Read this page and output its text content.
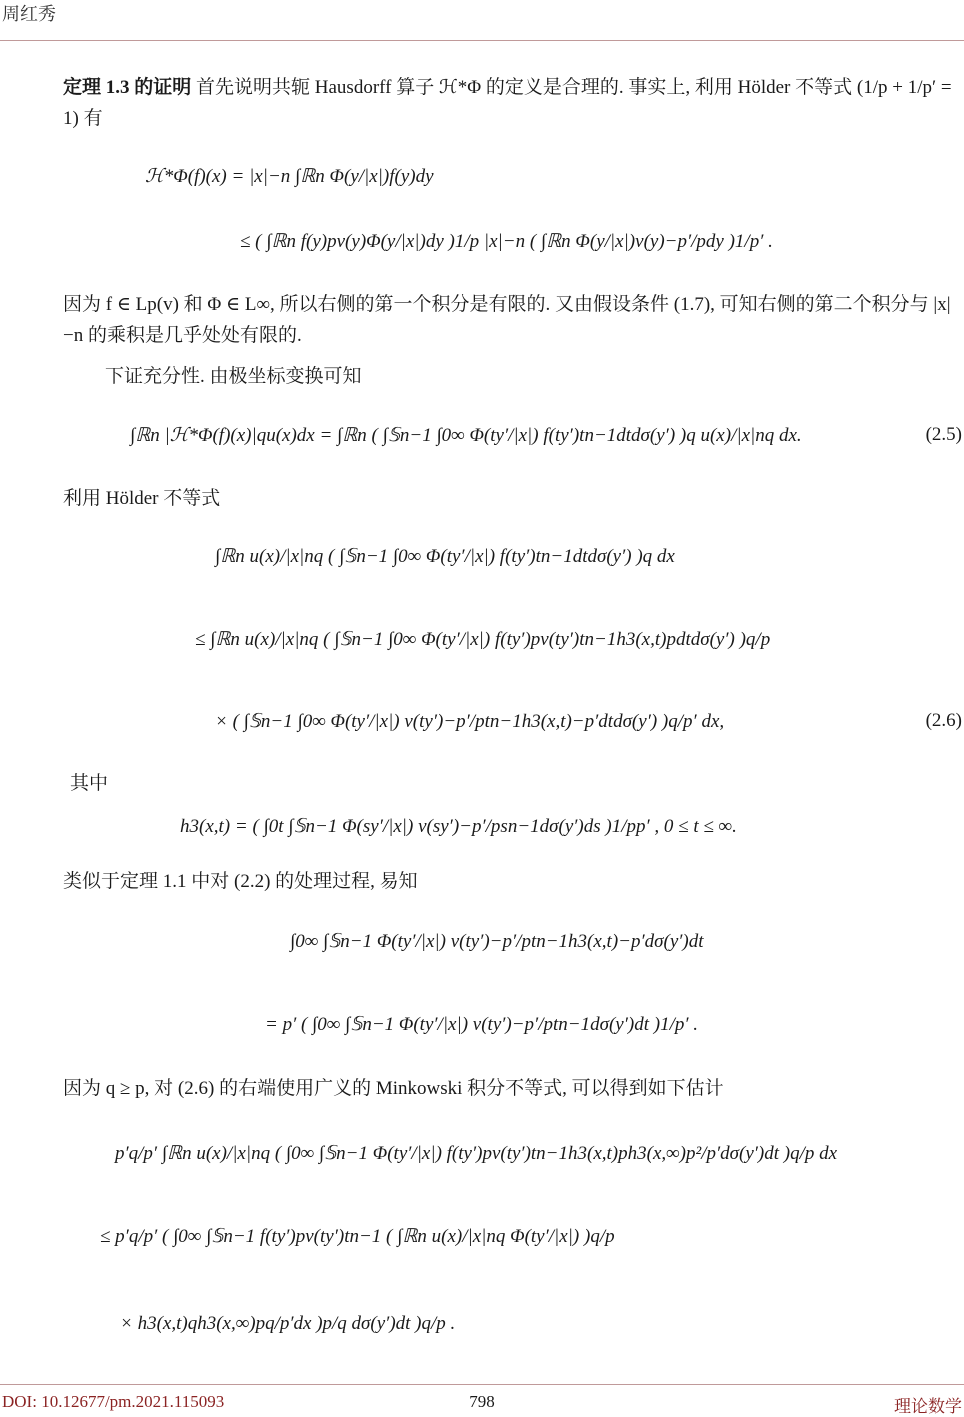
周红秀
定理 1.3 的证明 首先说明共轭 Hausdorff 算子 ℋ*Φ 的定义是合理的. 事实上, 利用 Hölder 不等式 (1/p + 1/p′ = 1) 有
ℋ*Φ(f)(x) = |x|−n ∫ℝn Φ(y/|x|)f(y)dy
≤ ( ∫ℝn f(y)pv(y)Φ(y/|x|)dy )1/p |x|−n ( ∫ℝn Φ(y/|x|)v(y)−p′/pdy )1/p′ .
因为 f ∈ Lp(v) 和 Φ ∈ L∞, 所以右侧的第一个积分是有限的. 又由假设条件 (1.7), 可知右侧的第二个积分与 |x|−n 的乘积是几乎处处有限的.
下证充分性. 由极坐标变换可知
∫ℝn |ℋ*Φ(f)(x)|qu(x)dx = ∫ℝn ( ∫𝕊n−1 ∫0∞ Φ(ty′/|x|) f(ty′)tn−1dtdσ(y′) )q u(x)/|x|nq dx.	(2.5)
利用 Hölder 不等式
∫ℝn u(x)/|x|nq ( ∫𝕊n−1 ∫0∞ Φ(ty′/|x|) f(ty′)tn−1dtdσ(y′) )q dx
≤ ∫ℝn u(x)/|x|nq ( ∫𝕊n−1 ∫0∞ Φ(ty′/|x|) f(ty′)pv(ty′)tn−1h3(x,t)pdtdσ(y′) )q/p
× ( ∫𝕊n−1 ∫0∞ Φ(ty′/|x|) v(ty′)−p′/ptn−1h3(x,t)−p′dtdσ(y′) )q/p′ dx,	(2.6)
其中
h3(x,t) = ( ∫0t ∫𝕊n−1 Φ(sy′/|x|) v(sy′)−p′/psn−1dσ(y′)ds )1/pp′ , 0 ≤ t ≤ ∞.
类似于定理 1.1 中对 (2.2) 的处理过程, 易知
∫0∞ ∫𝕊n−1 Φ(ty′/|x|) v(ty′)−p′/ptn−1h3(x,t)−p′dσ(y′)dt
= p′ ( ∫0∞ ∫𝕊n−1 Φ(ty′/|x|) v(ty′)−p′/ptn−1dσ(y′)dt )1/p′ .
因为 q ≥ p, 对 (2.6) 的右端使用广义的 Minkowski 积分不等式, 可以得到如下估计
p′q/p′ ∫ℝn u(x)/|x|nq ( ∫0∞ ∫𝕊n−1 Φ(ty′/|x|) f(ty′)pv(ty′)tn−1h3(x,t)ph3(x,∞)p²/p′dσ(y′)dt )q/p dx
≤ p′q/p′ ( ∫0∞ ∫𝕊n−1 f(ty′)pv(ty′)tn−1 ( ∫ℝn u(x)/|x|nq Φ(ty′/|x|) )q/p
× h3(x,t)qh3(x,∞)pq/p′dx )p/q dσ(y′)dt )q/p .
DOI: 10.12677/pm.2021.115093	798	理论数学
